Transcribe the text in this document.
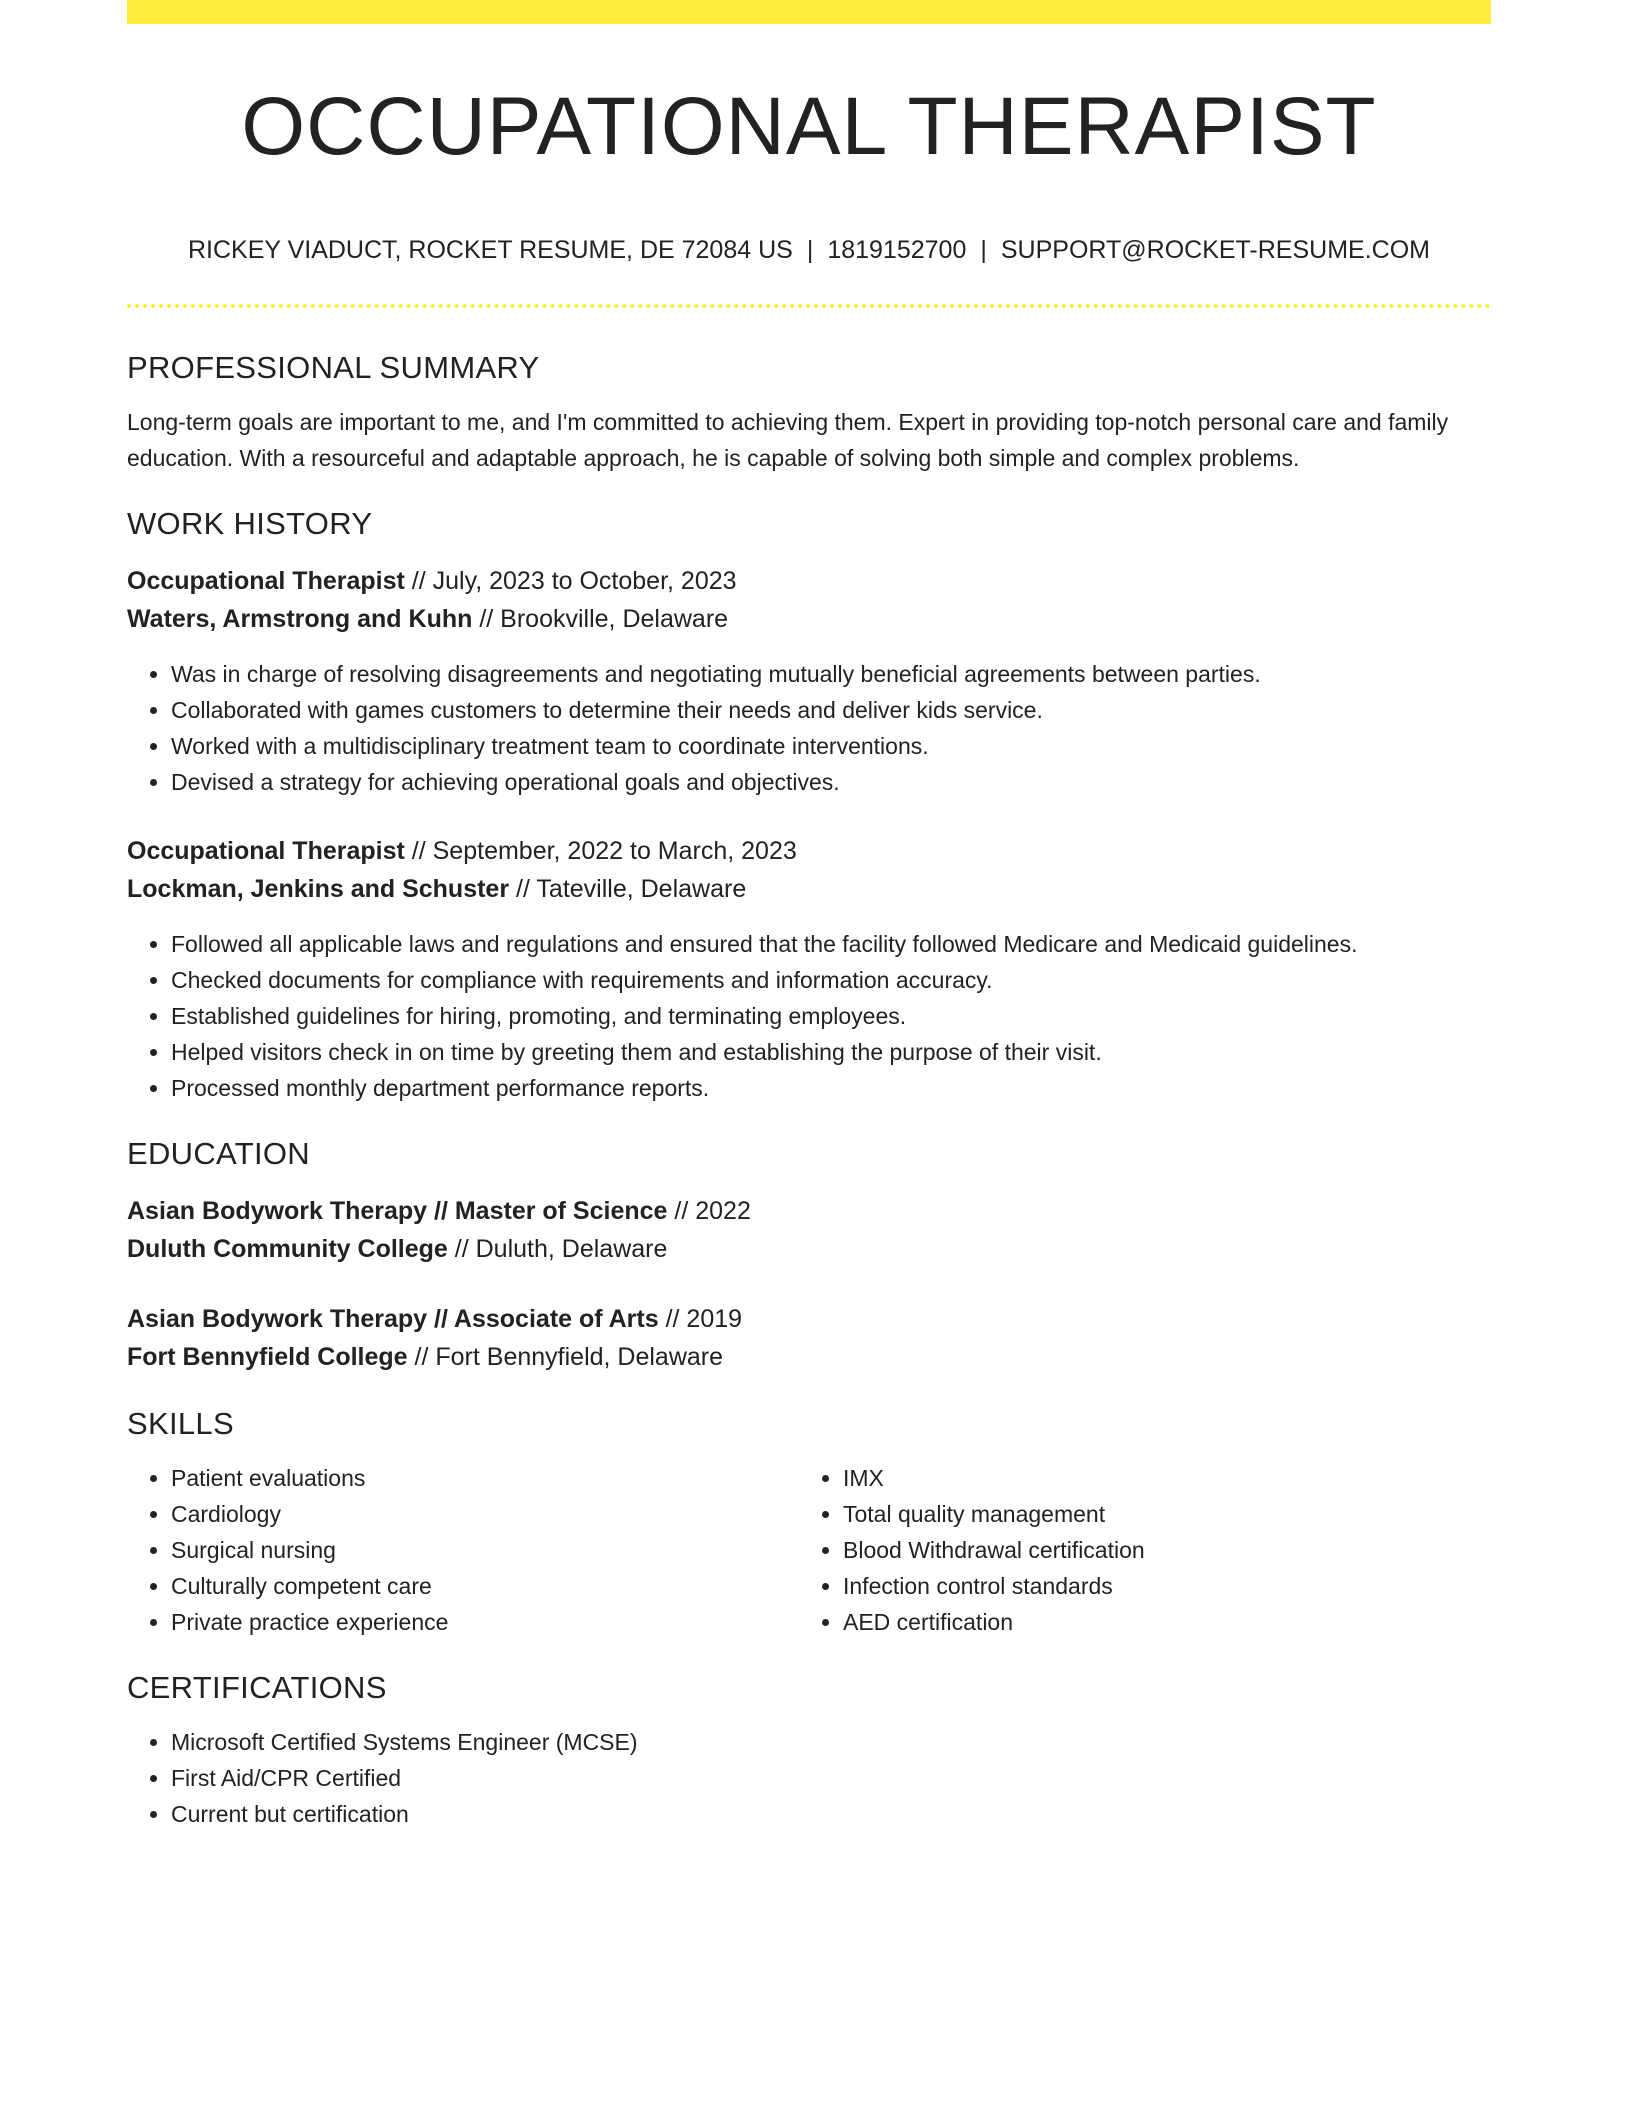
OCCUPATIONAL THERAPIST
RICKEY VIADUCT, ROCKET RESUME, DE 72084 US | 1819152700 | SUPPORT@ROCKET-RESUME.COM
PROFESSIONAL SUMMARY

Long-term goals are important to me, and I'm committed to achieving them. Expert in providing top-notch personal care and family education. With a resourceful and adaptable approach, he is capable of solving both simple and complex problems.

WORK HISTORY
Occupational Therapist // July, 2023 to October, 2023
Waters, Armstrong and Kuhn // Brookville, Delaware
• Was in charge of resolving disagreements and negotiating mutually beneficial agreements between parties.
• Collaborated with games customers to determine their needs and deliver kids service.
• Worked with a multidisciplinary treatment team to coordinate interventions.
• Devised a strategy for achieving operational goals and objectives.
Occupational Therapist // September, 2022 to March, 2023
Lockman, Jenkins and Schuster // Tateville, Delaware
• Followed all applicable laws and regulations and ensured that the facility followed Medicare and Medicaid guidelines.
• Checked documents for compliance with requirements and information accuracy.
• Established guidelines for hiring, promoting, and terminating employees.
• Helped visitors check in on time by greeting them and establishing the purpose of their visit.
• Processed monthly department performance reports.
EDUCATION
Asian Bodywork Therapy // Master of Science // 2022
Duluth Community College // Duluth, Delaware
Asian Bodywork Therapy // Associate of Arts // 2019
Fort Bennyfield College // Fort Bennyfield, Delaware
SKILLS
• Patient evaluations
• Cardiology
• Surgical nursing
• Culturally competent care
• Private practice experience
• IMX
• Total quality management
• Blood Withdrawal certification
• Infection control standards
• AED certification
CERTIFICATIONS
• Microsoft Certified Systems Engineer (MCSE)
• First Aid/CPR Certified
• Current but certification
